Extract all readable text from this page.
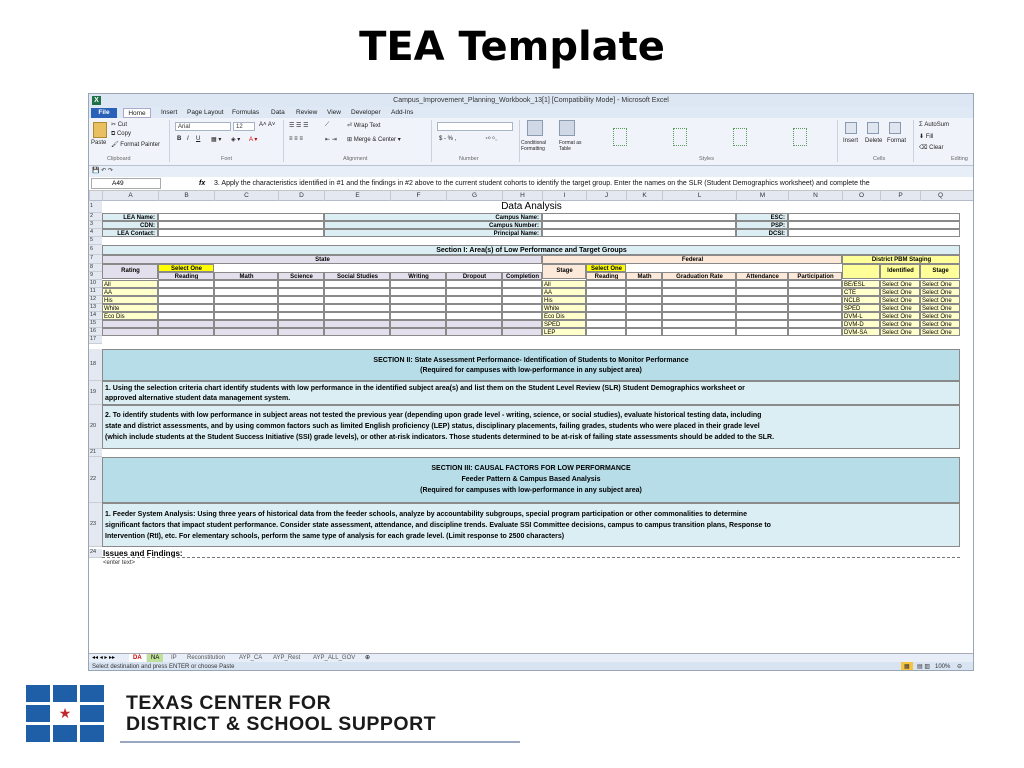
TEA Template
X	Campus_Improvement_Planning_Workbook_13[1] [Compatibility Mode] - Microsoft Excel
File	Home	Insert Page Layout Formulas Data Review View Developer Add-Ins
Paste
✂ Cut
⧉ Copy
🖌 Format Painter
Clipboard
Arial	12	A˄ A˅
B I U ▦ ▾ ◈ ▾ A ▾
Font
☰ ☰ ☰
≡ ≡ ≡
⟋
⇤ ⇥
⏎ Wrap Text
⊞ Merge & Center ▾
Alignment
$ - % ,	⁺⁰ ⁰₋
Number
Conditional Formatting
Format as Table
Styles
Insert Delete Format
Cells
Σ AutoSum
⬇ Fill
⌫ Clear
Editing
💾 ↶ ↷
A49	fx 3. Apply the characteristics identified in #1 and the findings in #2 above to the current student cohorts to identify the target group. Enter the names on the SLR (Student Demographics worksheet) and complete the
A	B	C	D	E	F	G	H	I	J	K	L	M	N	O	P	Q
Data Analysis
LEA Name:	Campus Name:	ESC:
CDN:	Campus Number:	PSP:
LEA Contact:	Principal Name:	DCSI:
Section I: Area(s) of Low Performance and Target Groups
State	Federal	District PBM Staging
Rating	Select One	Stage	Select One	Identified	Stage
Reading	Math	Science	Social Studies	Writing	Dropout	Completion	Reading	Math	Graduation Rate	Attendance	Participation
All
AA
His
White
Eco Dis
All
AA
His
White
Eco Dis
SPED
LEP
BE/ESL	Select One	Select One
CTE	Select One	Select One
NCLB	Select One	Select One
SPED	Select One	Select One
DVM-L	Select One	Select One
DVM-D	Select One	Select One
DVM-SA	Select One	Select One
SECTION II: State Assessment Performance- Identification of Students to Monitor Performance
(Required for campuses with low-performance in any subject area)
1. Using the selection criteria chart identify students with low performance in the identified subject area(s) and list them on the Student Level Review (SLR) Student Demographics worksheet or
approved alternative student data management system.
2. To identify students with low performance in subject areas not tested the previous year (depending upon grade level - writing, science, or social studies), evaluate historical testing data, including
state and district assessments, and by using common factors such as limited English proficiency (LEP) status, disciplinary placements, failing grades, students who were placed in their grade level
(which include students at the Student Success Initiative (SSI) grade levels), or other at-risk indicators. Those students determined to be at-risk of failing state assessments should be added to the SLR.
SECTION III: CAUSAL FACTORS FOR LOW PERFORMANCE
Feeder Pattern & Campus Based Analysis
(Required for campuses with low-performance in any subject area)
1. Feeder System Analysis: Using three years of historical data from the feeder schools, analyze by accountability subgroups, special program participation or other commonalities to determine
significant factors that impact student performance. Consider state assessment, attendance, and discipline trends. Evaluate SSI Committee decisions, campus to campus transition plans, Response to
Intervention (RtI), etc. For elementary schools, perform the same type of analysis for each grade level. (Limit response to 2500 characters)
Issues and Findings:
<enter text>
1
2
3
4
5
6
7
8
9
10
11
12
13
14
15
16
17
18
19
20
21
22
23
24
◂◂ ◂ ▸ ▸▸	DA	NA	IP	Reconstitution	AYP_CA	AYP_Rest	AYP_ALL_GOV	⊕
Select destination and press ENTER or choose Paste	▦	▤ ▥ 100% ⊖
★	TEXAS CENTER FOR
DISTRICT & SCHOOL SUPPORT
